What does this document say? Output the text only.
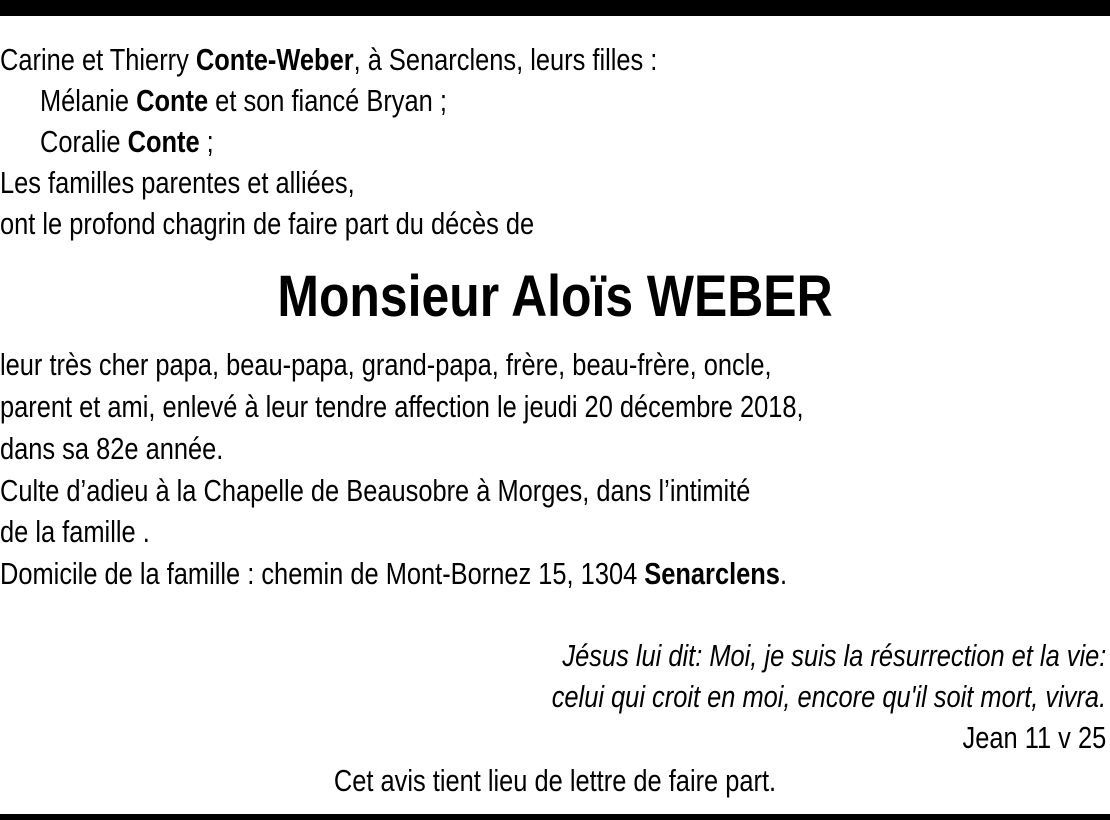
Carine et Thierry Conte-Weber, à Senarclens, leurs filles :
Mélanie Conte et son fiancé Bryan ;
Coralie Conte ;
Les familles parentes et alliées,
ont le profond chagrin de faire part du décès de
Monsieur Aloïs WEBER
leur très cher papa, beau-papa, grand-papa, frère, beau-frère, oncle,
parent et ami, enlevé à leur tendre affection le jeudi 20 décembre 2018,
dans sa 82e année.
Culte d’adieu à la Chapelle de Beausobre à Morges, dans l’intimité
de la famille .
Domicile de la famille : chemin de Mont-Bornez 15, 1304 Senarclens.
Jésus lui dit: Moi, je suis la résurrection et la vie:
celui qui croit en moi, encore qu'il soit mort, vivra.
Jean 11 v 25
Cet avis tient lieu de lettre de faire part.
